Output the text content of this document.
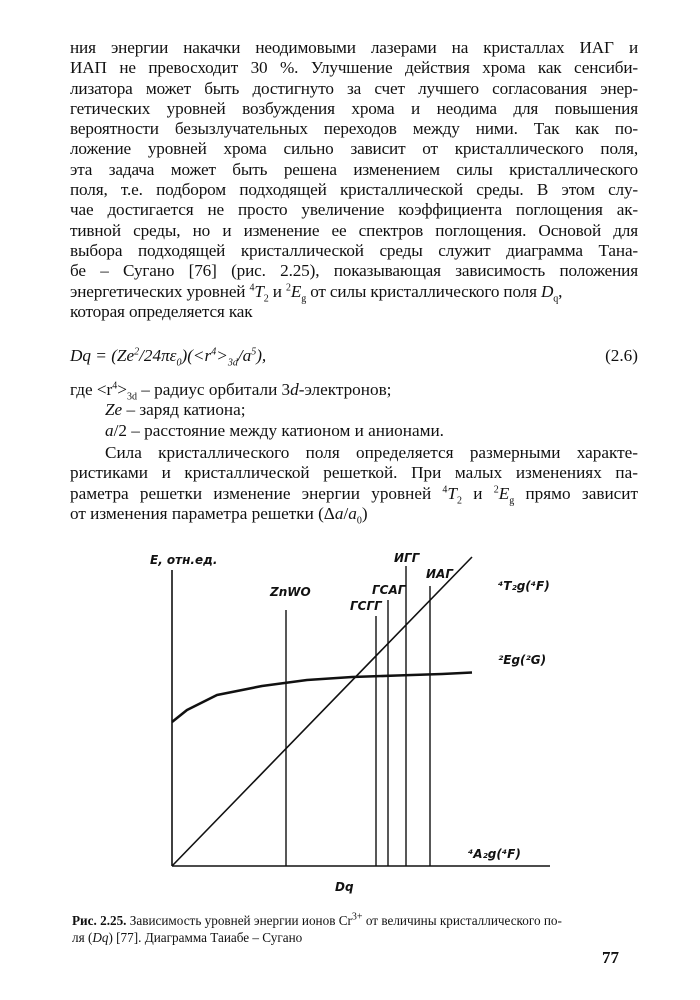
ния энергии накачки неодимовыми лазерами на кристаллах ИАГ и
ИАП не превосходит 30 %. Улучшение действия хрома как сенсиби-
лизатора может быть достигнуто за счет лучшего согласования энер-
гетических уровней возбуждения хрома и неодима для повышения
вероятности безызлучательных переходов между ними. Так как по-
ложение уровней хрома сильно зависит от кристаллического поля,
эта задача может быть решена изменением силы кристаллического
поля, т.е. подбором подходящей кристаллической среды. В этом слу-
чае достигается не просто увеличение коэффициента поглощения ак-
тивной среды, но и изменение ее спектров поглощения. Основой для
выбора подходящей кристаллической среды служит диаграмма Тана-
бе – Сугано [76] (рис. 2.25), показывающая зависимость положения
энергетических уровней $^4T_2$ и $^2E_g$ от силы кристаллического поля $D_q$,
которая определяется как
$Dq = (Ze^2/24\pi\varepsilon_0)(<r^4>_{3d}/a^5)$,	(2.6)
где $<r^4>_{3d}$ – радиус орбитали 3d-электронов;
Ze – заряд катиона;
a/2 – расстояние между катионом и анионами.
Сила кристаллического поля определяется размерными характе-
ристиками и кристаллической решеткой. При малых изменениях па-
раметра решетки изменение энергии уровней $^4T_2$ и $^2E_g$ прямо зависит
от изменения параметра решетки $(\Delta a/a_0)$
ZnWO
ГСГГ
ГСАГ
ИГГ
ИАГ
E, отн.ед.
Dq
⁴T₂g(⁴F)
²Eg(²G)
⁴A₂g(⁴F)
Рис. 2.25. Зависимость уровней энергии ионов $Cr^{3+}$ от величины кристаллического по-
ля (Dq) [77]. Диаграмма Таиабе – Сугано
77
